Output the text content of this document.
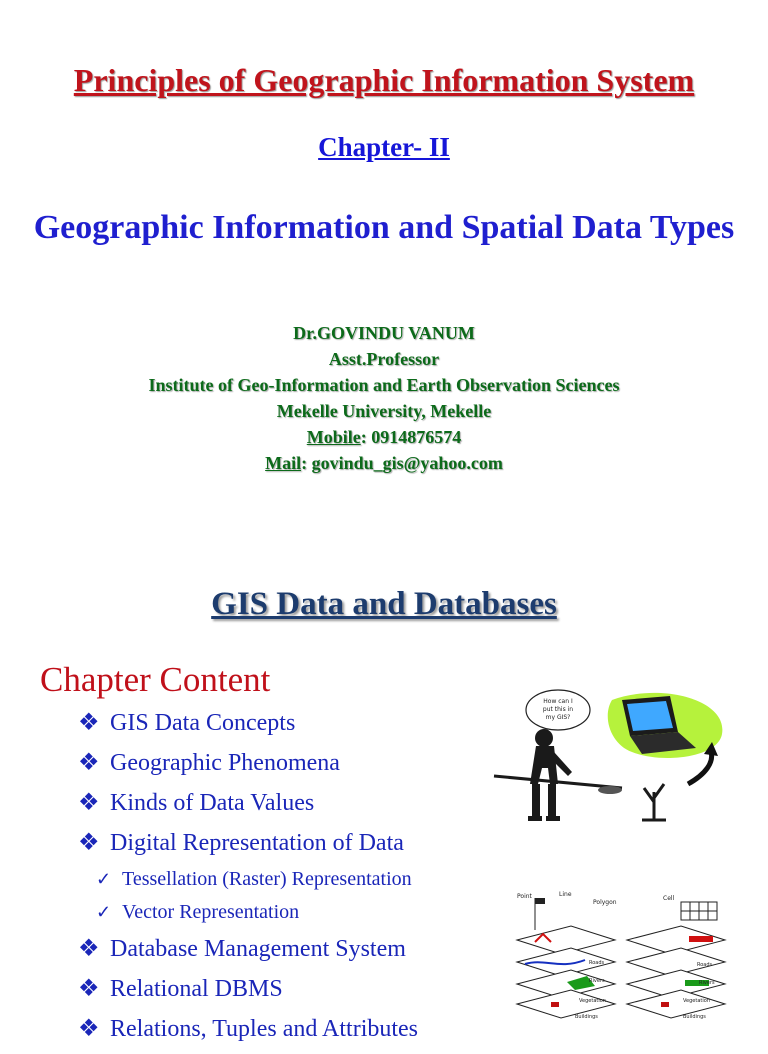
Principles of Geographic Information System
Chapter- II
Geographic Information and Spatial Data Types
Dr.GOVINDU VANUM
Asst.Professor
Institute of Geo-Information and Earth Observation Sciences
Mekelle University, Mekelle
Mobile: 0914876574
Mail: govindu_gis@yahoo.com
GIS Data and Databases
Chapter Content
❖ GIS Data Concepts
❖ Geographic Phenomena
❖ Kinds of Data Values
❖ Digital Representation of Data
✓ Tessellation (Raster) Representation
✓ Vector Representation
❖ Database Management System
❖ Relational DBMS
❖ Relations, Tuples and Attributes
How can I
put this in
my GIS?
Point	Line
Polygon
Roads
Rivers
Vegetation
Buildings
Cell
Roads
Rivers
Vegetation
Buildings
